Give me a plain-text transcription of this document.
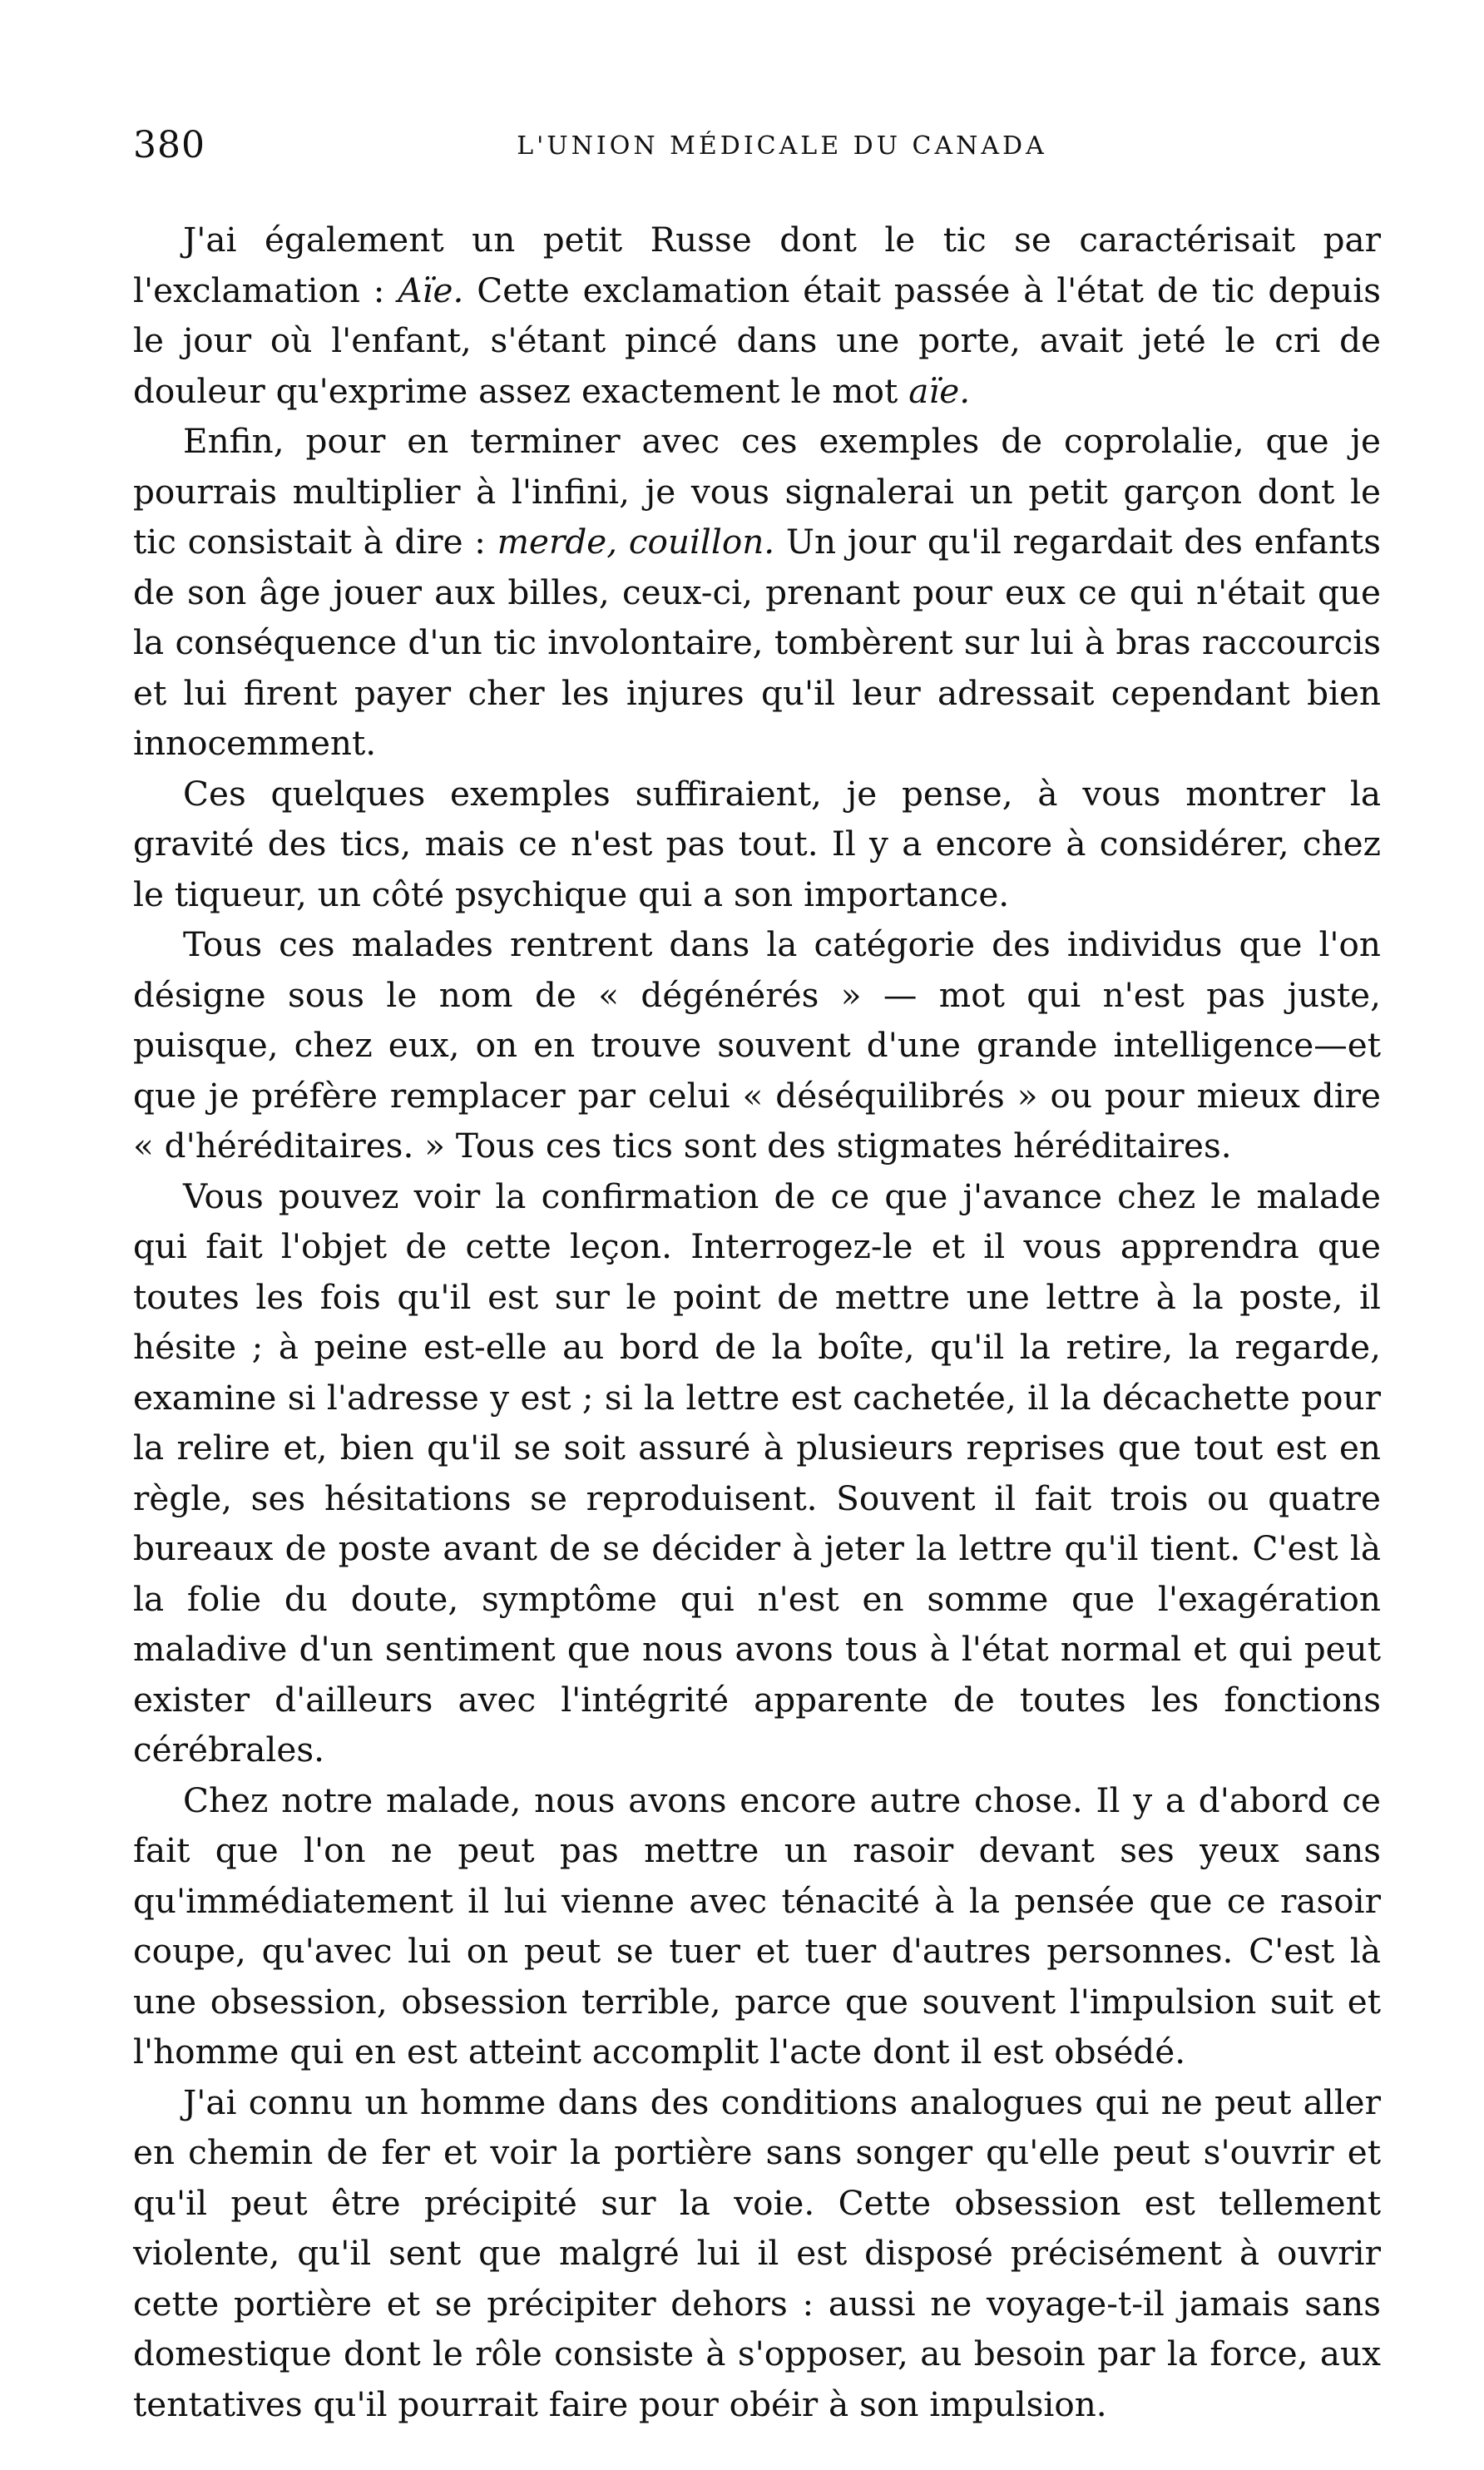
380	L'UNION MÉDICALE DU CANADA

J'ai également un petit Russe dont le tic se caractérisait par l'exclamation : Aïe. Cette exclamation était passée à l'état de tic depuis le jour où l'enfant, s'étant pincé dans une porte, avait jeté le cri de douleur qu'exprime assez exactement le mot aïe.

Enfin, pour en terminer avec ces exemples de coprolalie, que je pourrais multiplier à l'infini, je vous signalerai un petit garçon dont le tic consistait à dire : merde, couillon. Un jour qu'il regardait des enfants de son âge jouer aux billes, ceux-ci, prenant pour eux ce qui n'était que la conséquence d'un tic involontaire, tombèrent sur lui à bras raccourcis et lui firent payer cher les injures qu'il leur adressait cependant bien innocemment.

Ces quelques exemples suffiraient, je pense, à vous montrer la gravité des tics, mais ce n'est pas tout. Il y a encore à considérer, chez le tiqueur, un côté psychique qui a son importance.

Tous ces malades rentrent dans la catégorie des individus que l'on désigne sous le nom de « dégénérés » — mot qui n'est pas juste, puisque, chez eux, on en trouve souvent d'une grande intelligence—et que je préfère remplacer par celui « déséquilibrés » ou pour mieux dire « d'héréditaires. » Tous ces tics sont des stigmates héréditaires.

Vous pouvez voir la confirmation de ce que j'avance chez le malade qui fait l'objet de cette leçon. Interrogez-le et il vous apprendra que toutes les fois qu'il est sur le point de mettre une lettre à la poste, il hésite ; à peine est-elle au bord de la boîte, qu'il la retire, la regarde, examine si l'adresse y est ; si la lettre est cachetée, il la décachette pour la relire et, bien qu'il se soit assuré à plusieurs reprises que tout est en règle, ses hésitations se reproduisent. Souvent il fait trois ou quatre bureaux de poste avant de se décider à jeter la lettre qu'il tient. C'est là la folie du doute, symptôme qui n'est en somme que l'exagération maladive d'un sentiment que nous avons tous à l'état normal et qui peut exister d'ailleurs avec l'intégrité apparente de toutes les fonctions cérébrales.

Chez notre malade, nous avons encore autre chose. Il y a d'abord ce fait que l'on ne peut pas mettre un rasoir devant ses yeux sans qu'immédiatement il lui vienne avec ténacité à la pensée que ce rasoir coupe, qu'avec lui on peut se tuer et tuer d'autres personnes. C'est là une obsession, obsession terrible, parce que souvent l'impulsion suit et l'homme qui en est atteint accomplit l'acte dont il est obsédé.

J'ai connu un homme dans des conditions analogues qui ne peut aller en chemin de fer et voir la portière sans songer qu'elle peut s'ouvrir et qu'il peut être précipité sur la voie. Cette obsession est tellement violente, qu'il sent que malgré lui il est disposé précisément à ouvrir cette portière et se précipiter dehors : aussi ne voyage-t-il jamais sans domestique dont le rôle consiste à s'opposer, au besoin par la force, aux tentatives qu'il pourrait faire pour obéir à son impulsion.
